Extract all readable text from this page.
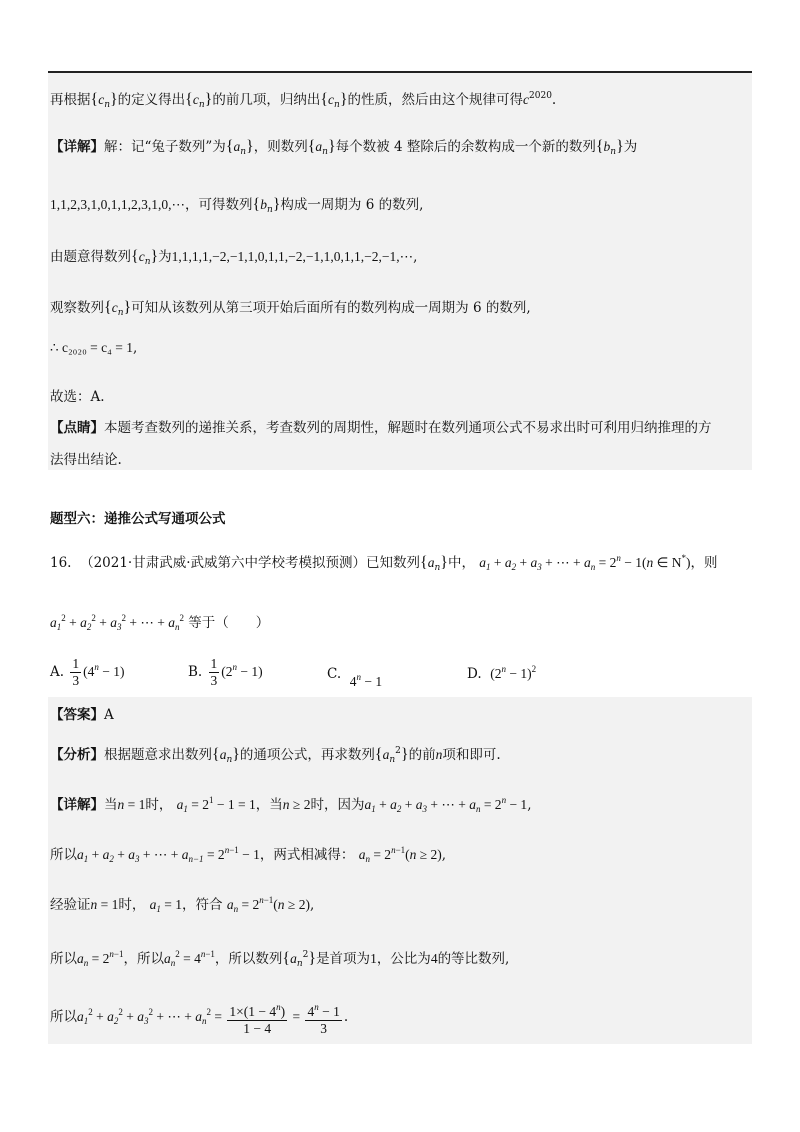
再根据$\{c_n\}$的定义得出$\{c_n\}$的前几项，归纳出$\{c_n\}$的性质，然后由这个规律可得$c^{2020}$.
【详解】解：记“兔子数列”为$\{a_n\}$，则数列$\{a_n\}$每个数被 4 整除后的余数构成一个新的数列$\{b_n\}$为
1,1,2,3,1,0,1,1,2,3,1,0,⋯，可得数列$\{b_n\}$构成一周期为 6 的数列,
由题意得数列$\{c_n\}$为1,1,1,1,−2,−1,1,0,1,1,−2,−1,1,0,1,1,−2,−1,⋯,
观察数列$\{c_n\}$可知从该数列从第三项开始后面所有的数列构成一周期为 6 的数列,
∴ c₂₀₂₀ = c₄ = 1,
故选：A.
【点睛】本题考查数列的递推关系，考查数列的周期性，解题时在数列通项公式不易求出时可利用归纳推理的方
法得出结论.
题型六：递推公式写通项公式
16. （2021·甘肃武威·武威第六中学校考模拟预测）已知数列$\{a_n\}$中， $a_1 + a_2 + a_3$ + ⋯ + $a_n = 2^n - 1(n$ ∈ N*)，则
$a_1^2 + a_2^2 + a_3^2$ + ⋯ + $a_n^2$ 等于（　　）
A. $\frac{1}{3} (4^n - 1)$	B. $\frac{1}{3} (2^n - 1)$	C. $4^n - 1$	D. $(2^n - 1)^2$
【答案】A
【分析】根据题意求出数列$\{a_n\}$的通项公式，再求数列$\{a_n^2\}$的前n项和即可.
【详解】当n = 1时， $a_1 = 2^1 - 1 = 1$，当n ≥ 2时，因为$a_1 + a_2 + a_3$ + ⋯ + $a_n = 2^n - 1$,
所以$a_1 + a_2 + a_3$ + ⋯ + $a_{n-1} = 2^{n-1} - 1$，两式相减得： $a_n = 2^{n-1}(n \ge 2)$,
经验证n = 1时， $a_1 = 1$，符合 $a_n = 2^{n-1}(n \ge 2)$,
所以$a_n = 2^{n-1}$，所以$a_n^2 = 4^{n-1}$，所以数列$\{a_n^2\}$是首项为1，公比为4的等比数列,
所以$a_1^2 + a_2^2 + a_3^2$ + ⋯ + $a_n^2 = \frac{1\times(1 - 4^n)}{1 - 4} = \frac{4^n - 1}{3}$ .
